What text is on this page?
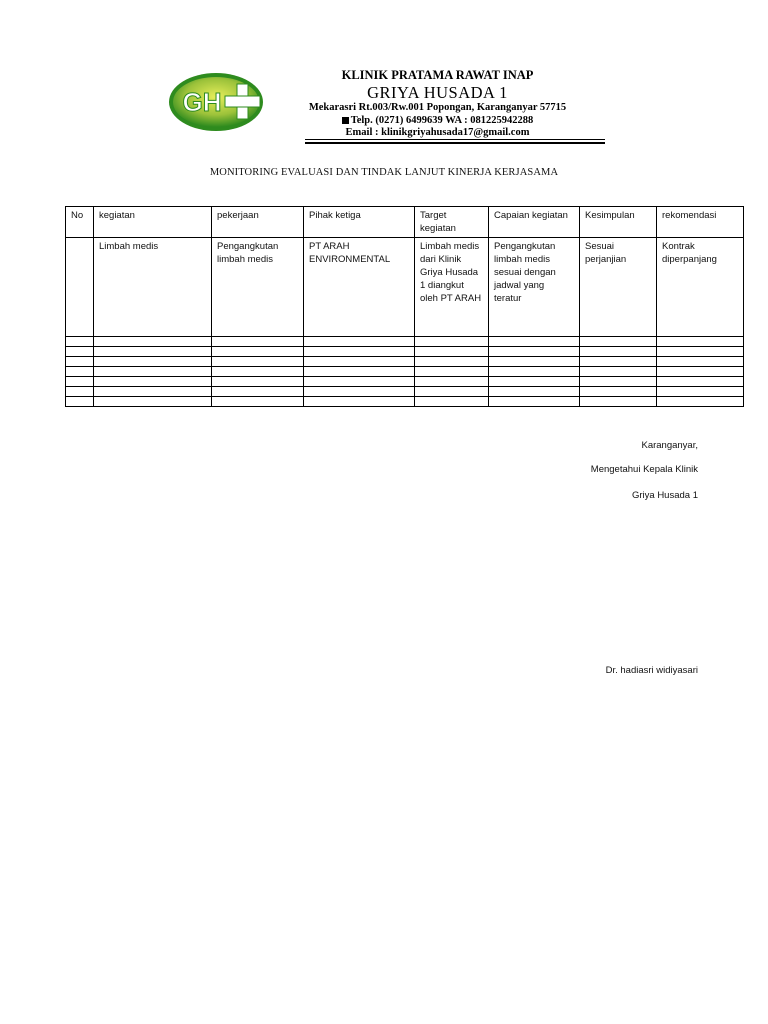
GH
KLINIK PRATAMA RAWAT INAP
GRIYA HUSADA 1
Mekarasri Rt.003/Rw.001 Popongan, Karanganyar 57715
Telp. (0271) 6499639 WA : 081225942288
Email : klinikgriyahusada17@gmail.com
MONITORING EVALUASI DAN TINDAK LANJUT KINERJA KERJASAMA
No	kegiatan	pekerjaan	Pihak ketiga	Target kegiatan	Capaian kegiatan	Kesimpulan	rekomendasi
	Limbah medis	Pengangkutan limbah medis	PT ARAH ENVIRONMENTAL	Limbah medis dari Klinik Griya Husada 1 diangkut oleh PT ARAH	Pengangkutan limbah medis sesuai dengan jadwal yang teratur	Sesuai perjanjian	Kontrak diperpanjang

Karanganyar,
Mengetahui Kepala Klinik
Griya Husada 1
Dr. hadiasri widiyasari
